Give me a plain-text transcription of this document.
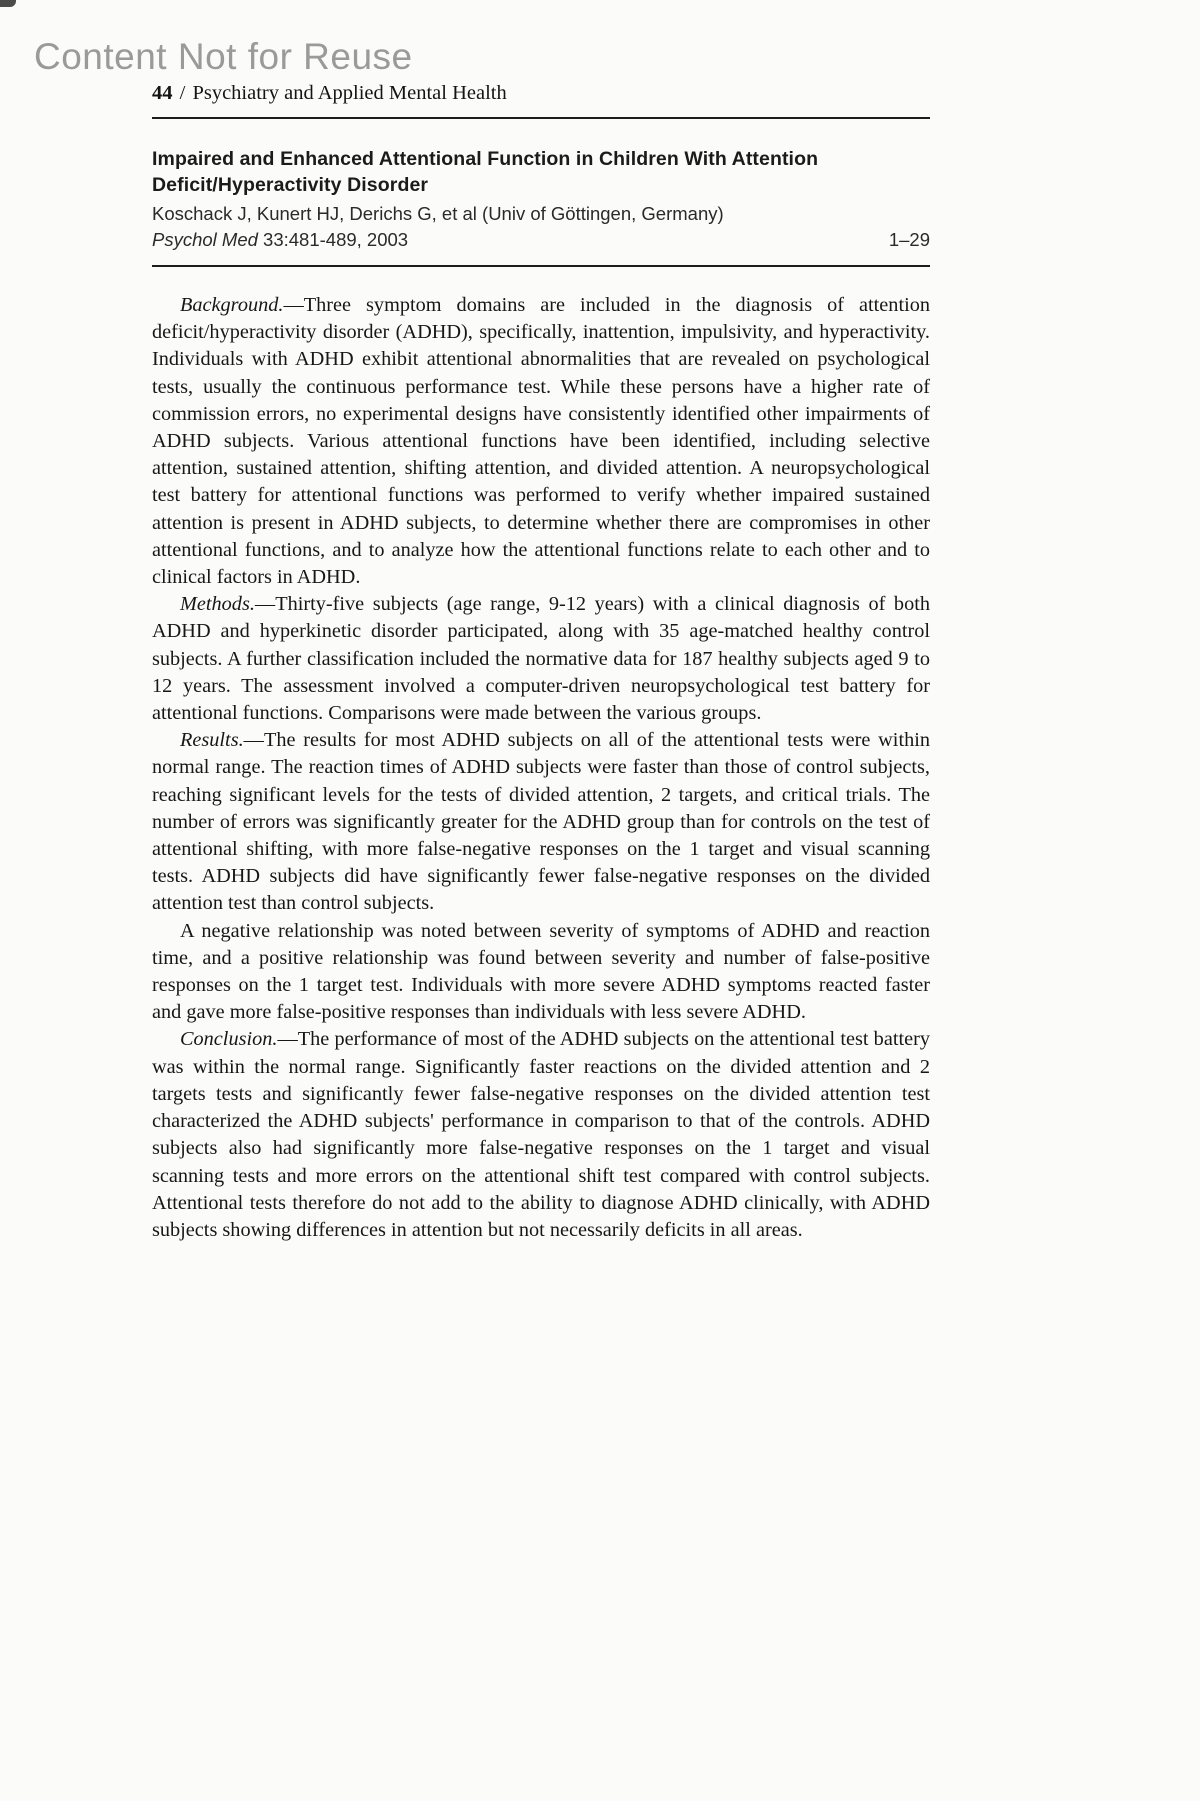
Content Not for Reuse
44 / Psychiatry and Applied Mental Health
Impaired and Enhanced Attentional Function in Children With Attention Deficit/Hyperactivity Disorder
Koschack J, Kunert HJ, Derichs G, et al (Univ of Göttingen, Germany)
Psychol Med 33:481-489, 2003	1–29

Background.—Three symptom domains are included in the diagnosis of attention deficit/hyperactivity disorder (ADHD), specifically, inattention, impulsivity, and hyperactivity. Individuals with ADHD exhibit attentional abnormalities that are revealed on psychological tests, usually the continuous performance test. While these persons have a higher rate of commission errors, no experimental designs have consistently identified other impairments of ADHD subjects. Various attentional functions have been identified, including selective attention, sustained attention, shifting attention, and divided attention. A neuropsychological test battery for attentional functions was performed to verify whether impaired sustained attention is present in ADHD subjects, to determine whether there are compromises in other attentional functions, and to analyze how the attentional functions relate to each other and to clinical factors in ADHD.

Methods.—Thirty-five subjects (age range, 9-12 years) with a clinical diagnosis of both ADHD and hyperkinetic disorder participated, along with 35 age-matched healthy control subjects. A further classification included the normative data for 187 healthy subjects aged 9 to 12 years. The assessment involved a computer-driven neuropsychological test battery for attentional functions. Comparisons were made between the various groups.

Results.—The results for most ADHD subjects on all of the attentional tests were within normal range. The reaction times of ADHD subjects were faster than those of control subjects, reaching significant levels for the tests of divided attention, 2 targets, and critical trials. The number of errors was significantly greater for the ADHD group than for controls on the test of attentional shifting, with more false-negative responses on the 1 target and visual scanning tests. ADHD subjects did have significantly fewer false-negative responses on the divided attention test than control subjects.

A negative relationship was noted between severity of symptoms of ADHD and reaction time, and a positive relationship was found between severity and number of false-positive responses on the 1 target test. Individuals with more severe ADHD symptoms reacted faster and gave more false-positive responses than individuals with less severe ADHD.

Conclusion.—The performance of most of the ADHD subjects on the attentional test battery was within the normal range. Significantly faster reactions on the divided attention and 2 targets tests and significantly fewer false-negative responses on the divided attention test characterized the ADHD subjects' performance in comparison to that of the controls. ADHD subjects also had significantly more false-negative responses on the 1 target and visual scanning tests and more errors on the attentional shift test compared with control subjects. Attentional tests therefore do not add to the ability to diagnose ADHD clinically, with ADHD subjects showing differences in attention but not necessarily deficits in all areas.
